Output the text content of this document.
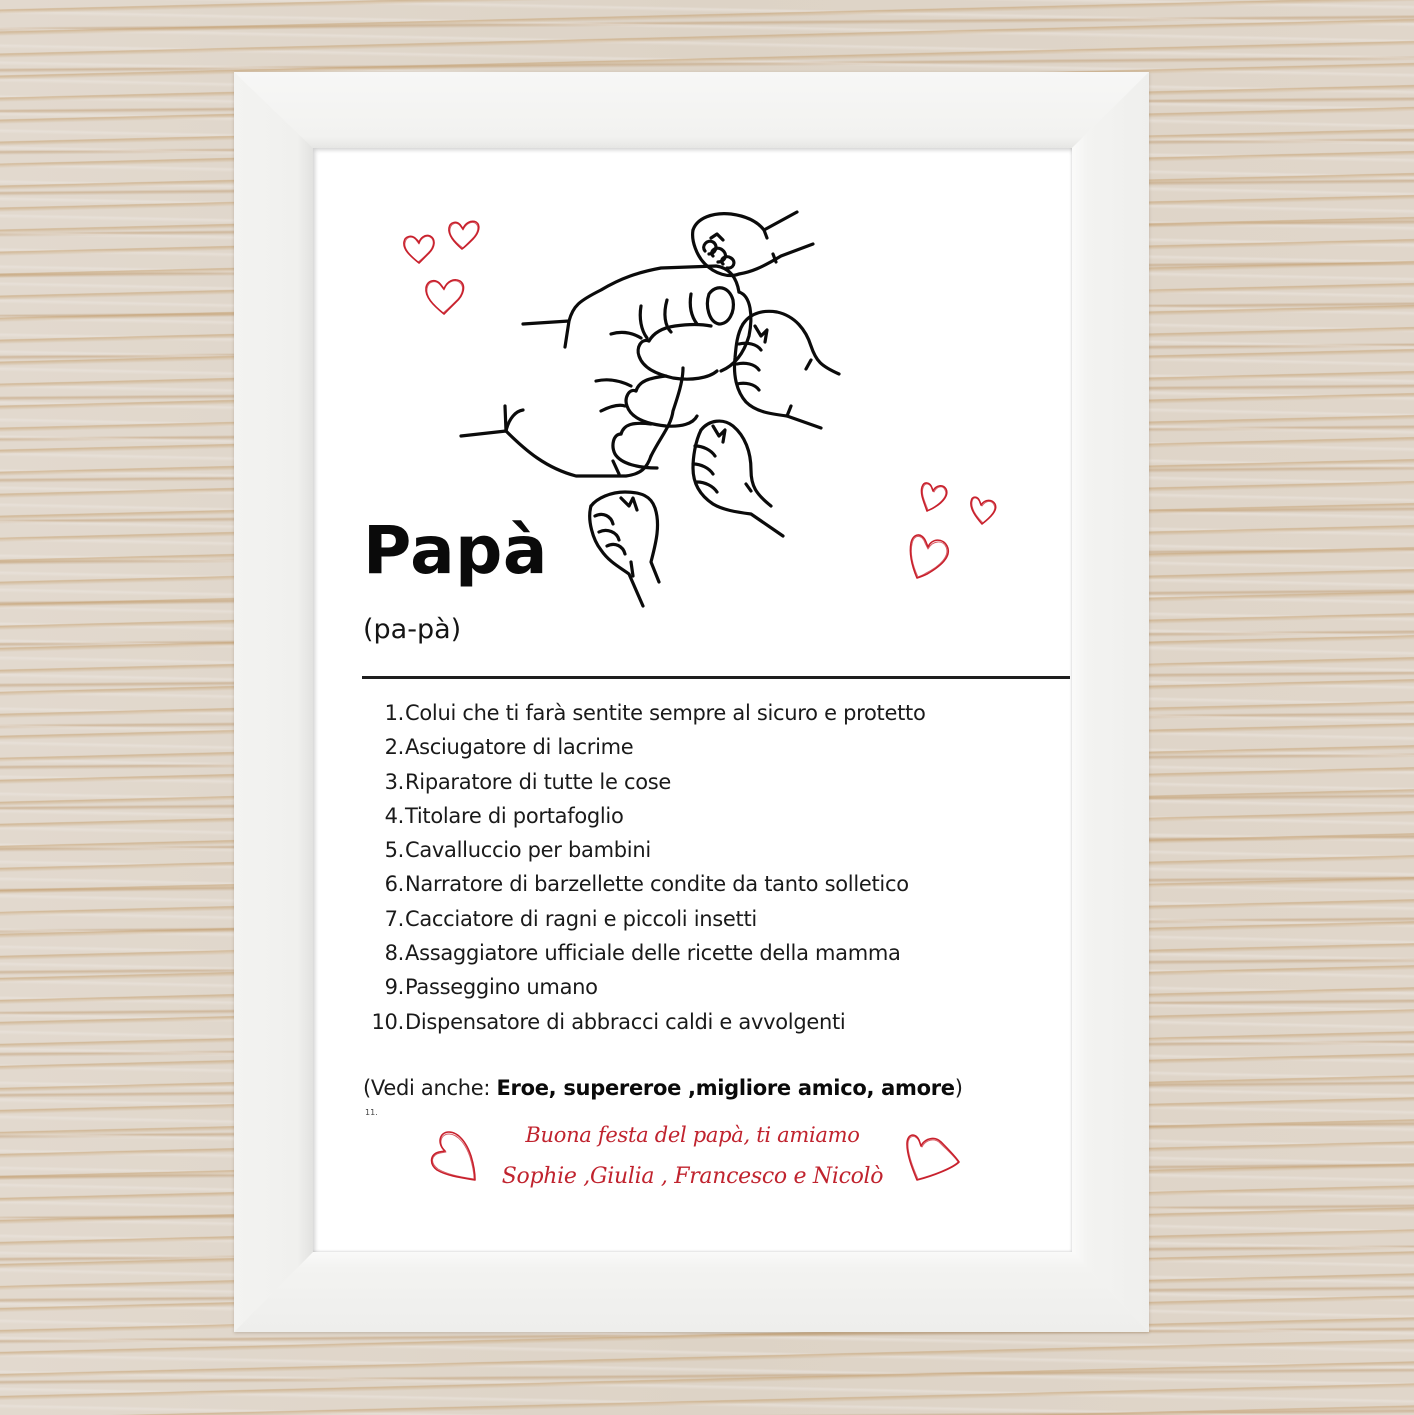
Papà
(pa-pà)
1. Colui che ti farà sentite sempre al sicuro e protetto
2. Asciugatore di lacrime
3. Riparatore di tutte le cose
4. Titolare di portafoglio
5. Cavalluccio per bambini
6. Narratore di barzellette condite da tanto solletico
7. Cacciatore di ragni e piccoli insetti
8. Assaggiatore ufficiale delle ricette della mamma
9. Passeggino umano
10. Dispensatore di abbracci caldi e avvolgenti
(Vedi anche: Eroe, supereroe ,migliore amico, amore)
11.
Buona festa del papà, ti amiamo
Sophie ,Giulia , Francesco e Nicolò
